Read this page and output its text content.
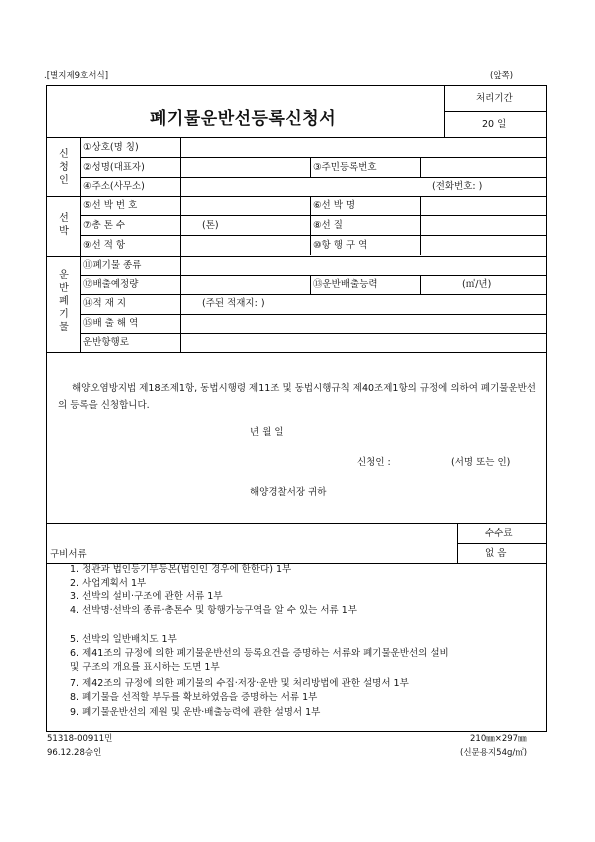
.[별지제9호서식]	(앞쪽)
폐기물운반선등록신청서
처리기간
20 일
신
청
인
①상호(명 칭)
②성명(대표자)	③주민등록번호
④주소(사무소)	(전화번호: )
선
박
⑤선 박 번 호	⑥선 박 명
⑦총 톤 수	(톤)	⑧선 질
⑨선 적 항	⑩항 행 구 역
운
반
폐
기
물
⑪폐기물 종류
⑫배출예정량	⑬운반배출능력	(㎥/년)
⑭적 재 지	(주된 적재지: )
⑮배 출 해 역
운반항행로
해양오염방지법 제18조제1항, 동법시행령 제11조 및 동법시행규칙 제40조제1항의 규정에 의하여 폐기물운반선의 등록을 신청합니다.
년 월 일
신청인 :	(서명 또는 인)
해양경찰서장 귀하
수수료
없 음
구비서류
1. 정관과 법인등기부등본(법인인 경우에 한한다) 1부
2. 사업계획서 1부
3. 선박의 설비·구조에 관한 서류 1부
4. 선박명·선박의 종류·총톤수 및 항행가능구역을 알 수 있는 서류 1부
5. 선박의 일반배치도 1부
6. 제41조의 규정에 의한 폐기물운반선의 등록요건을 증명하는 서류와 폐기물운반선의 설비
및 구조의 개요를 표시하는 도면 1부
7. 제42조의 규정에 의한 폐기물의 수집·저장·운반 및 처리방법에 관한 설명서 1부
8. 폐기물을 선적할 부두를 확보하였음을 증명하는 서류 1부
9. 폐기물운반선의 제원 및 운반·배출능력에 관한 설명서 1부
51318-00911민
96.12.28승인
210㎜×297㎜
(신문용지54g/㎡)
